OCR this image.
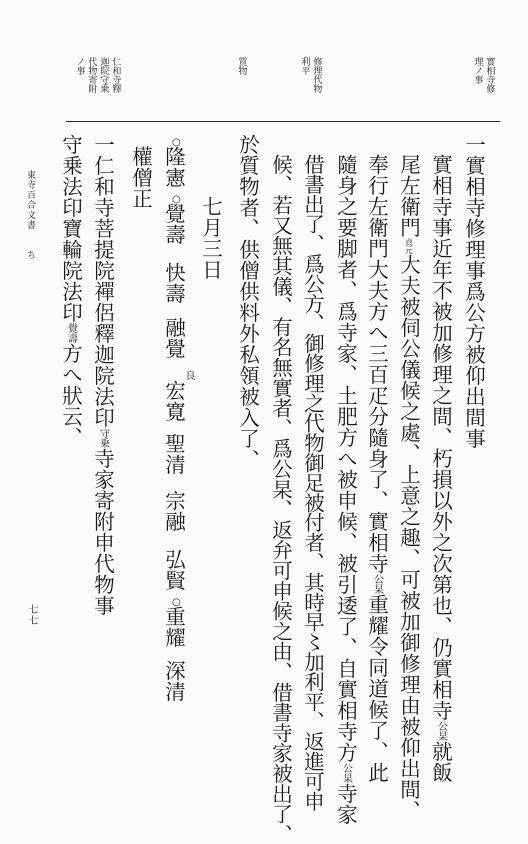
實相寺修
理ノ事
修理代物
利平
質物
仁和寺釋
迦院守乗
代物寄附
ノ事
一實相寺修理事爲公方被仰出間事
實相寺事近年不被加修理之間、朽損以外之次第也、仍實相寺公杲就飯
尾左衛門貞元大夫被伺公儀候之處、上意之趣、可被加御修理由被仰出間、
奉行左衛門大夫方へ三百疋分隨身了、實相寺公杲重耀令同道候了、此
隨身之要脚者、爲寺家、土肥方へ被申候、被引逶了、自實相寺方公杲寺家
借書出了、爲公方、御修理之代物御足被付者、其時早〻加利平、返進可申
候、若又無其儀、有名無實者、爲公杲、返弁可申候之由、借書寺家被出了、
於質物者、供僧供料外私領被入了、
七月三日
○
隆憲
○
覺壽
快壽
融覺
良
宏寛
聖清
宗融
弘賢
○
重耀
深清
權僧正
一仁和寺菩提院禪侶釋迦院法印守乗寺家寄附申代物事
守乗法印寶輪院法印覺壽方へ狀云、
東寺百合文書
ち
七七
